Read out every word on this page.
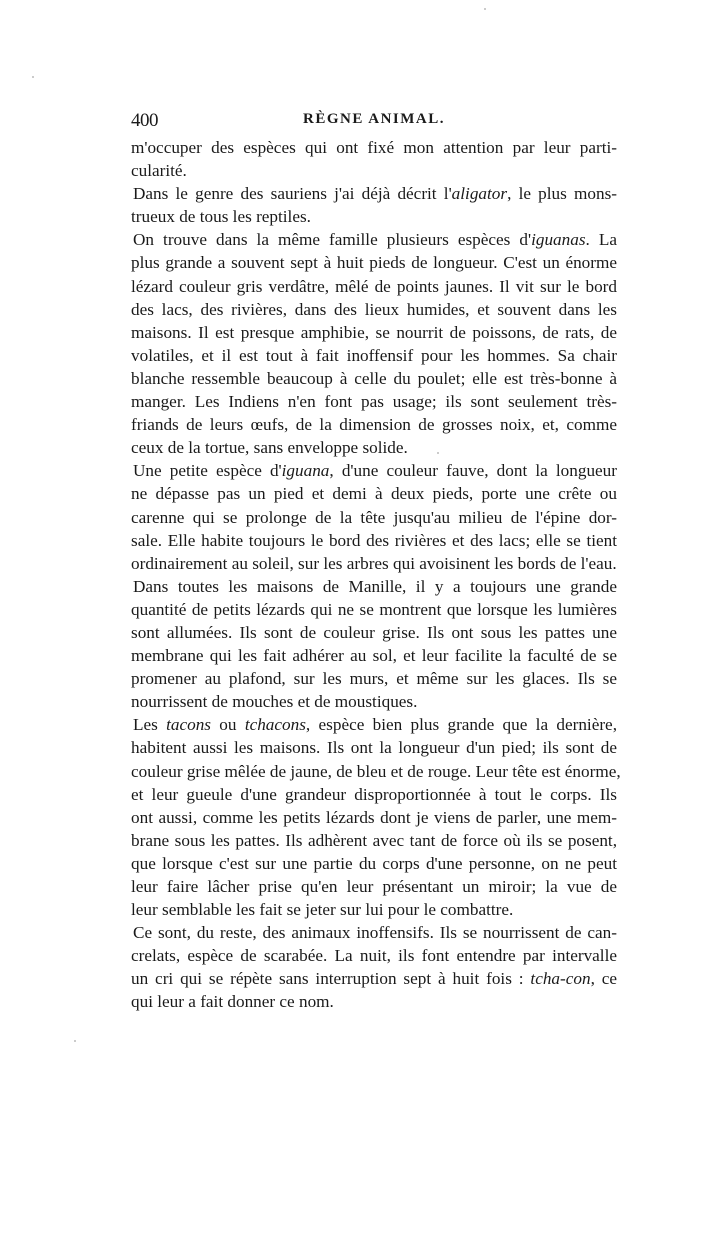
400	RÈGNE ANIMAL.
m'occuper des espèces qui ont fixé mon attention par leur parti-
cularité.
Dans le genre des sauriens j'ai déjà décrit l'aligator, le plus mons-
trueux de tous les reptiles.
On trouve dans la même famille plusieurs espèces d'iguanas. La
plus grande a souvent sept à huit pieds de longueur. C'est un énorme
lézard couleur gris verdâtre, mêlé de points jaunes. Il vit sur le bord
des lacs, des rivières, dans des lieux humides, et souvent dans les
maisons. Il est presque amphibie, se nourrit de poissons, de rats, de
volatiles, et il est tout à fait inoffensif pour les hommes. Sa chair
blanche ressemble beaucoup à celle du poulet; elle est très-bonne à
manger. Les Indiens n'en font pas usage; ils sont seulement très-
friands de leurs œufs, de la dimension de grosses noix, et, comme
ceux de la tortue, sans enveloppe solide.
Une petite espèce d'iguana, d'une couleur fauve, dont la longueur
ne dépasse pas un pied et demi à deux pieds, porte une crête ou
carenne qui se prolonge de la tête jusqu'au milieu de l'épine dor-
sale. Elle habite toujours le bord des rivières et des lacs; elle se tient
ordinairement au soleil, sur les arbres qui avoisinent les bords de l'eau.
Dans toutes les maisons de Manille, il y a toujours une grande
quantité de petits lézards qui ne se montrent que lorsque les lumières
sont allumées. Ils sont de couleur grise. Ils ont sous les pattes une
membrane qui les fait adhérer au sol, et leur facilite la faculté de se
promener au plafond, sur les murs, et même sur les glaces. Ils se
nourrissent de mouches et de moustiques.
Les tacons ou tchacons, espèce bien plus grande que la dernière,
habitent aussi les maisons. Ils ont la longueur d'un pied; ils sont de
couleur grise mêlée de jaune, de bleu et de rouge. Leur tête est énorme,
et leur gueule d'une grandeur disproportionnée à tout le corps. Ils
ont aussi, comme les petits lézards dont je viens de parler, une mem-
brane sous les pattes. Ils adhèrent avec tant de force où ils se posent,
que lorsque c'est sur une partie du corps d'une personne, on ne peut
leur faire lâcher prise qu'en leur présentant un miroir; la vue de
leur semblable les fait se jeter sur lui pour le combattre.
Ce sont, du reste, des animaux inoffensifs. Ils se nourrissent de can-
crelats, espèce de scarabée. La nuit, ils font entendre par intervalle
un cri qui se répète sans interruption sept à huit fois : tcha-con, ce
qui leur a fait donner ce nom.
